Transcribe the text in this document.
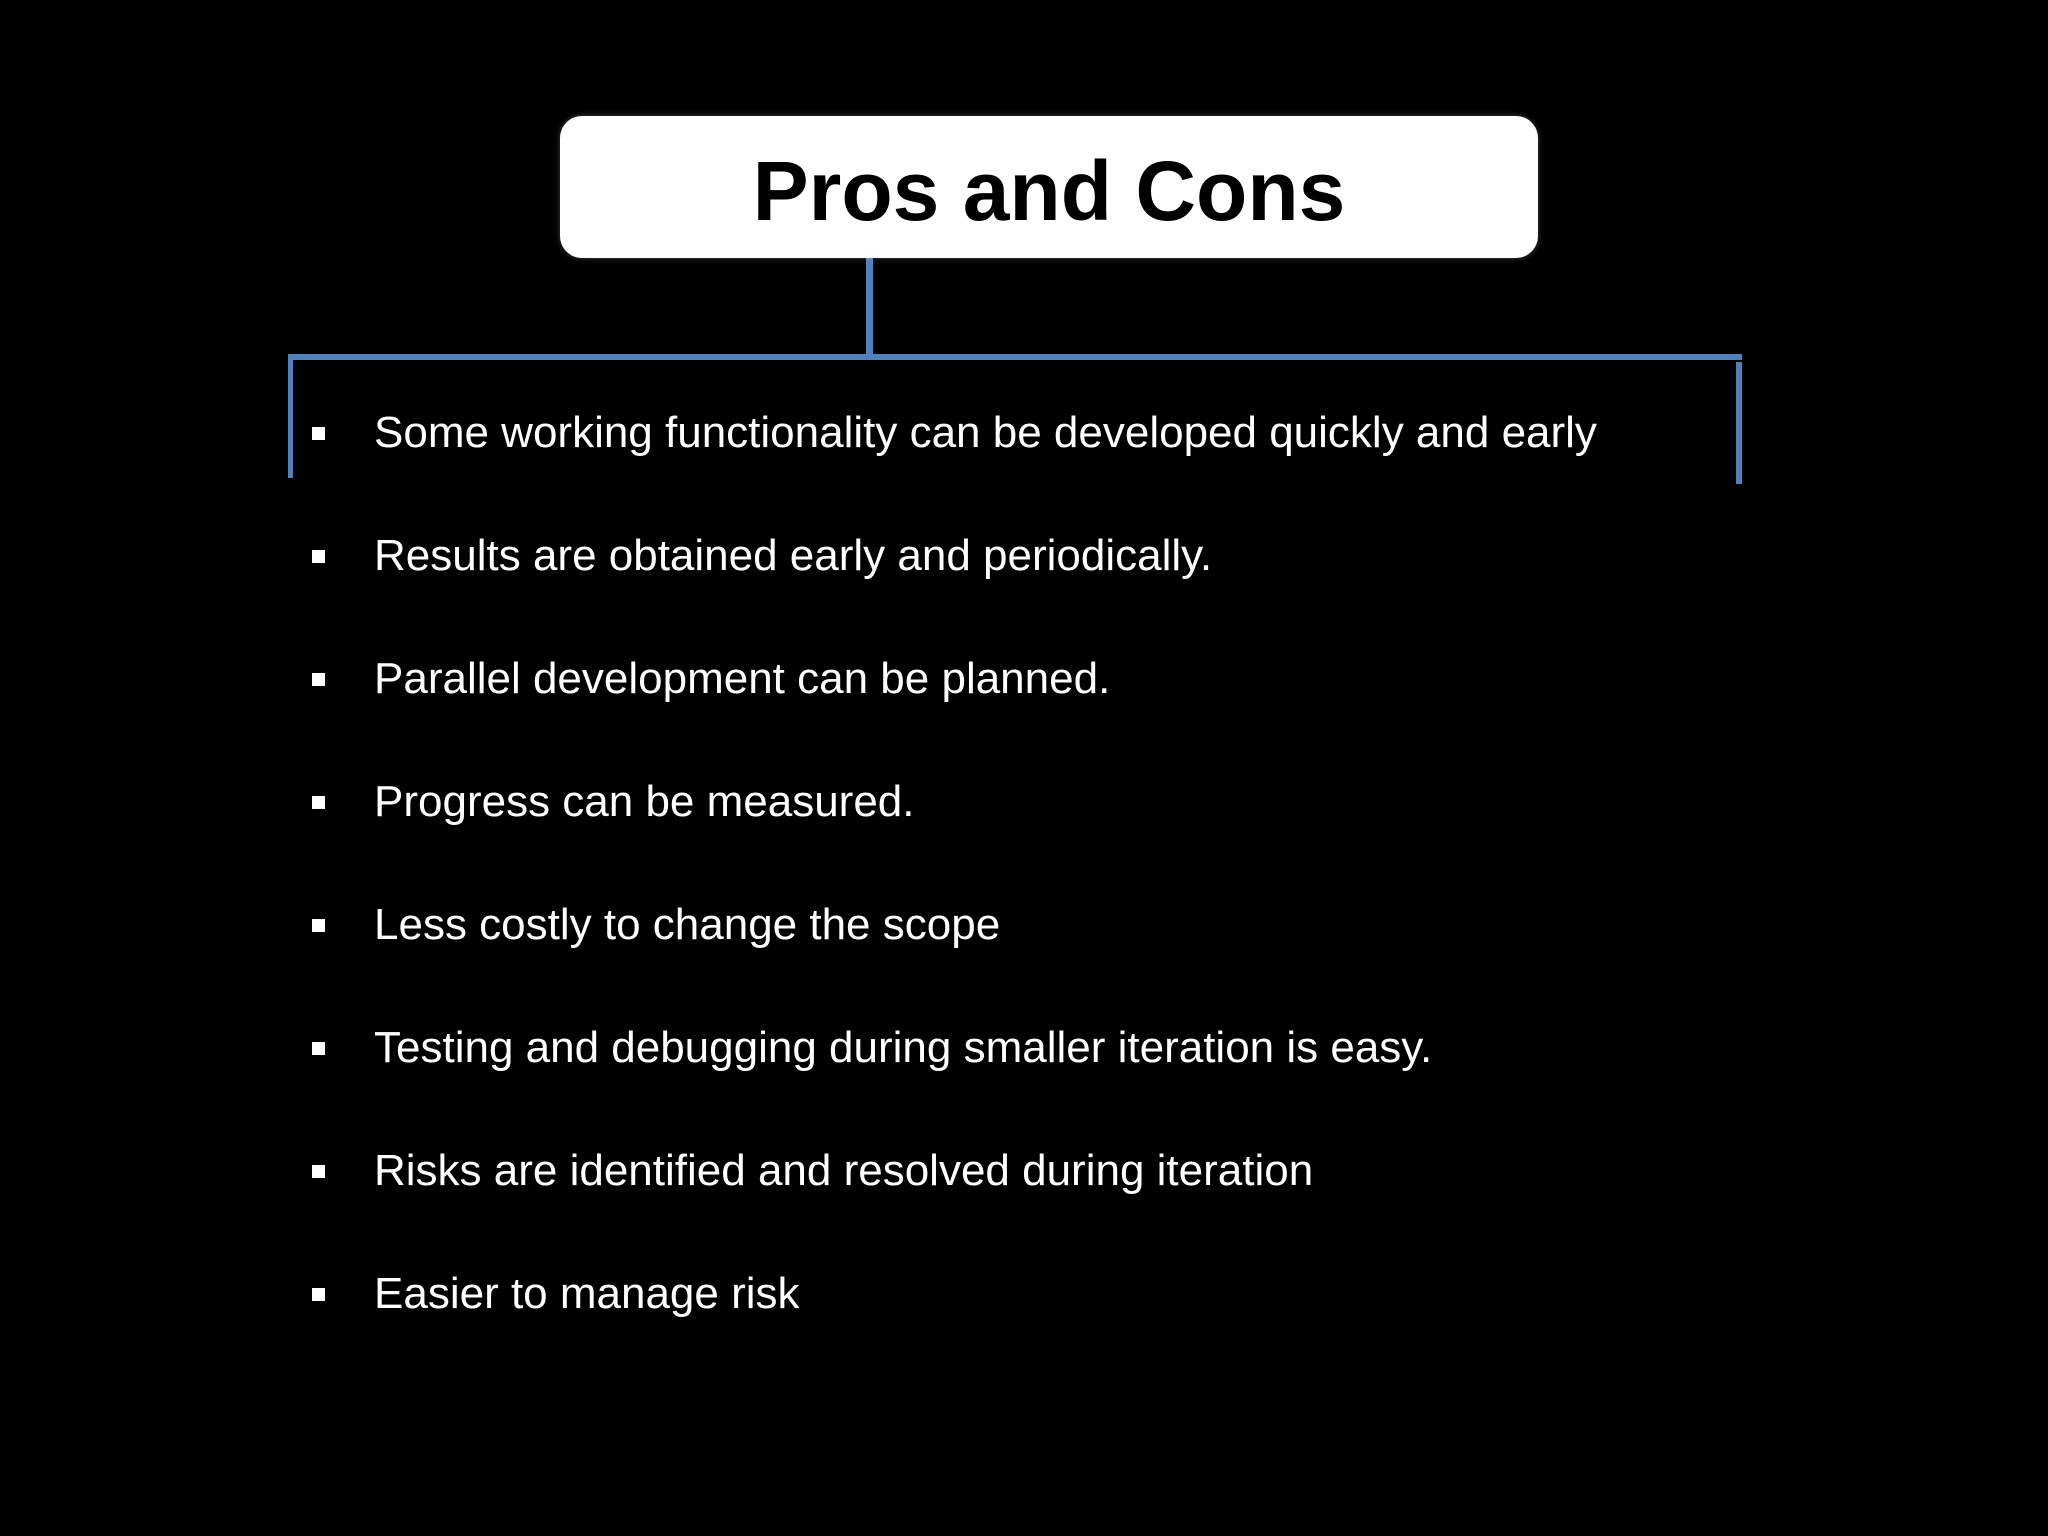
Pros and Cons
Some working functionality can be developed quickly and early
Results are obtained early and periodically.
Parallel development can be planned.
Progress can be measured.
Less costly to change the scope
Testing and debugging during smaller iteration is easy.
Risks are identified and resolved during iteration
Easier to manage risk
